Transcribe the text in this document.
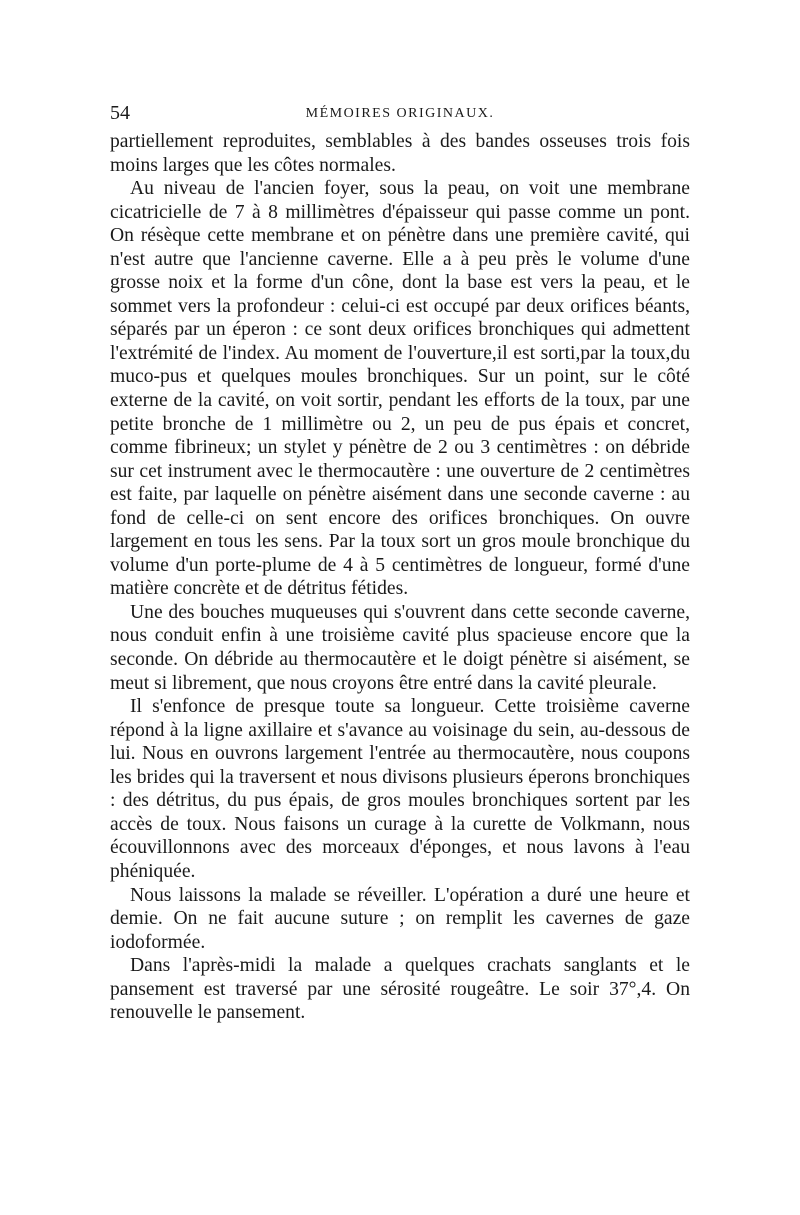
54	MÉMOIRES ORIGINAUX.

partiellement reproduites, semblables à des bandes osseuses trois fois moins larges que les côtes normales.

Au niveau de l'ancien foyer, sous la peau, on voit une membrane cicatricielle de 7 à 8 millimètres d'épaisseur qui passe comme un pont. On résèque cette membrane et on pénètre dans une première cavité, qui n'est autre que l'ancienne caverne. Elle a à peu près le volume d'une grosse noix et la forme d'un cône, dont la base est vers la peau, et le sommet vers la profondeur : celui-ci est occupé par deux orifices béants, séparés par un éperon : ce sont deux orifices bronchiques qui admettent l'extrémité de l'index. Au moment de l'ouverture,il est sorti,par la toux,du muco-pus et quelques moules bronchiques. Sur un point, sur le côté externe de la cavité, on voit sortir, pendant les efforts de la toux, par une petite bronche de 1 millimètre ou 2, un peu de pus épais et concret, comme fibrineux; un stylet y pénètre de 2 ou 3 centimètres : on débride sur cet instrument avec le thermocautère : une ouverture de 2 centimètres est faite, par laquelle on pénètre aisément dans une seconde caverne : au fond de celle-ci on sent encore des orifices bronchiques. On ouvre largement en tous les sens. Par la toux sort un gros moule bronchique du volume d'un porte-plume de 4 à 5 centimètres de longueur, formé d'une matière concrète et de détritus fétides.

Une des bouches muqueuses qui s'ouvrent dans cette seconde caverne, nous conduit enfin à une troisième cavité plus spacieuse encore que la seconde. On débride au thermocautère et le doigt pénètre si aisément, se meut si librement, que nous croyons être entré dans la cavité pleurale.

Il s'enfonce de presque toute sa longueur. Cette troisième caverne répond à la ligne axillaire et s'avance au voisinage du sein, au-dessous de lui. Nous en ouvrons largement l'entrée au thermocautère, nous coupons les brides qui la traversent et nous divisons plusieurs éperons bronchiques : des détritus, du pus épais, de gros moules bronchiques sortent par les accès de toux. Nous faisons un curage à la curette de Volkmann, nous écouvillonnons avec des morceaux d'éponges, et nous lavons à l'eau phéniquée.

Nous laissons la malade se réveiller. L'opération a duré une heure et demie. On ne fait aucune suture ; on remplit les cavernes de gaze iodoformée.

Dans l'après-midi la malade a quelques crachats sanglants et le pansement est traversé par une sérosité rougeâtre. Le soir 37°,4. On renouvelle le pansement.
